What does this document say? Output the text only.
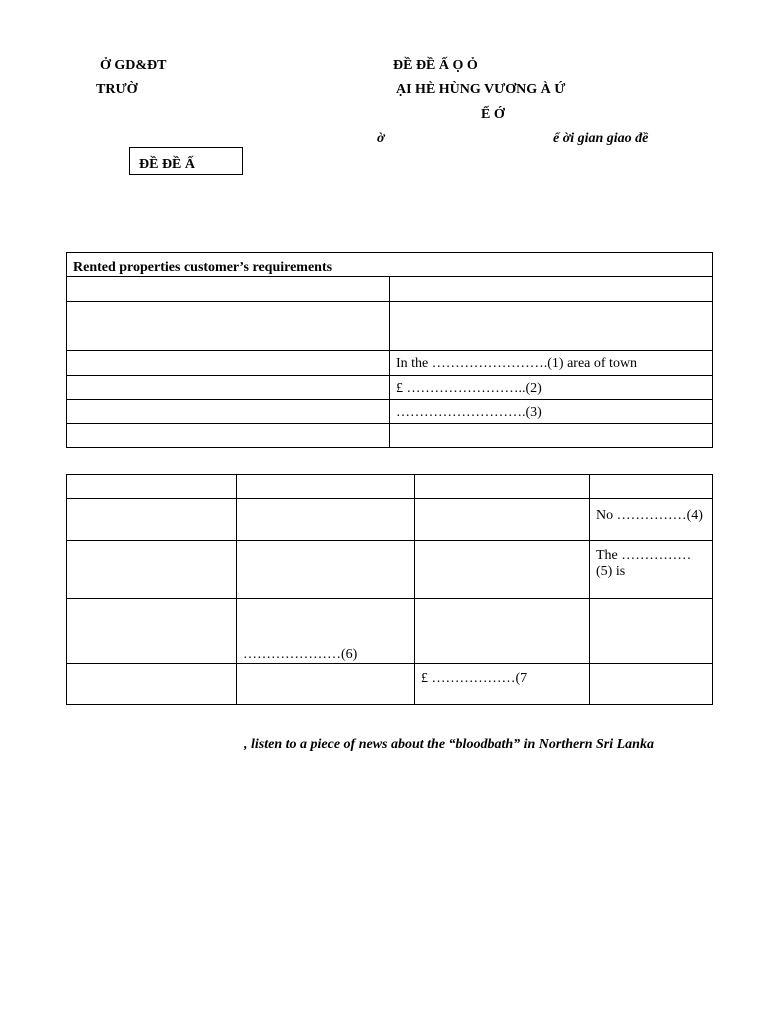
Ở GD&ĐT
TRƯỜ
ĐỀ ĐỀ Ấ Ọ Ỏ
ẠI HÈ HÙNG VƯƠNG À Ứ
Ế Ớ
ờ	ể ời gian giao đề
ĐỀ ĐỀ Ấ
Rented properties customer’s requirements	

	In the …………………….(1) area of town
	£ ……………………..(2)
	……………………….(3)

			No ……………(4)
			The ……………(5) is
	…………………(6)		
		£ ………………(7	
, listen to a piece of news about the “bloodbath” in Northern Sri Lanka
